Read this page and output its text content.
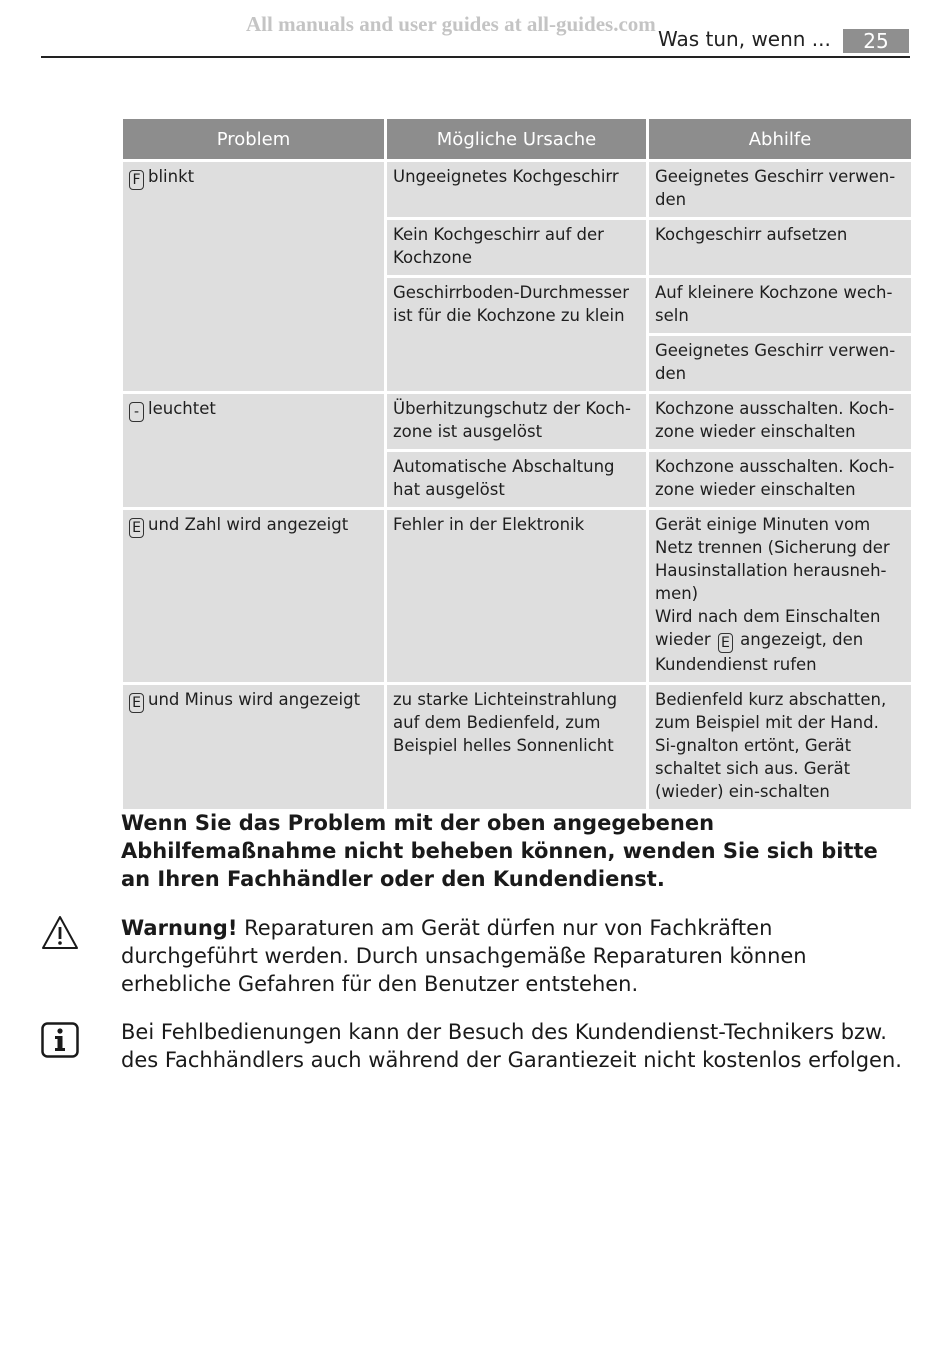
All manuals and user guides at all-guides.com
Was tun, wenn ...	25
Problem	Mögliche Ursache	Abhilfe
F blinkt	Ungeeignetes Kochgeschirr	Geeignetes Geschirr verwen-den
	Kein Kochgeschirr auf der Kochzone	Kochgeschirr aufsetzen
	Geschirrboden-Durchmesser ist für die Kochzone zu klein	Auf kleinere Kochzone wech-seln
		Geeignetes Geschirr verwen-den
- leuchtet	Überhitzungschutz der Koch-zone ist ausgelöst	Kochzone ausschalten. Koch-zone wieder einschalten
	Automatische Abschaltung hat ausgelöst	Kochzone ausschalten. Koch-zone wieder einschalten
E und Zahl wird angezeigt	Fehler in der Elektronik	Gerät einige Minuten vom Netz trennen (Sicherung der Hausinstallation herausneh-men)
Wird nach dem Einschalten wieder E angezeigt, den Kundendienst rufen

E und Minus wird angezeigt	zu starke Lichteinstrahlung auf dem Bedienfeld, zum Beispiel helles Sonnenlicht	Bedienfeld kurz abschatten, zum Beispiel mit der Hand. Si-gnalton ertönt, Gerät schaltet sich aus. Gerät (wieder) ein-schalten
Wenn Sie das Problem mit der oben angegebenen Abhilfemaßnahme nicht beheben können, wenden Sie sich bitte an Ihren Fachhändler oder den Kundendienst.
Warnung! Reparaturen am Gerät dürfen nur von Fachkräften durchgeführt werden. Durch unsachgemäße Reparaturen können erhebliche Gefahren für den Benutzer entstehen.
Bei Fehlbedienungen kann der Besuch des Kundendienst-Technikers bzw. des Fachhändlers auch während der Garantiezeit nicht kostenlos erfolgen.
